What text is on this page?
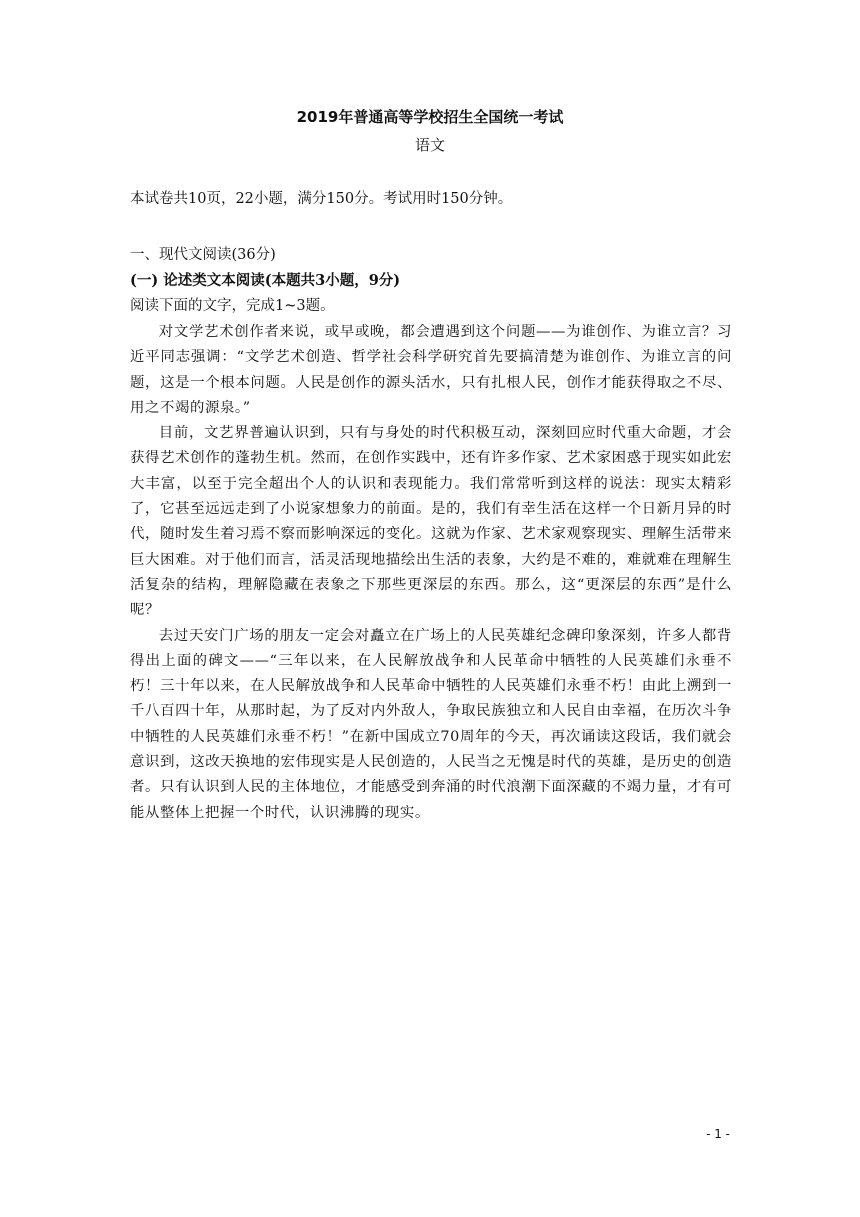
2019年普通高等学校招生全国统一考试
语文
本试卷共10页，22小题，满分150分。考试用时150分钟。
一、现代文阅读(36分)
(一) 论述类文本阅读(本题共3小题，9分)
阅读下面的文字，完成1~3题。

对文学艺术创作者来说，或早或晚，都会遭遇到这个问题——为谁创作、为谁立言？习近平同志强调：“文学艺术创造、哲学社会科学研究首先要搞清楚为谁创作、为谁立言的问题，这是一个根本问题。人民是创作的源头活水，只有扎根人民，创作才能获得取之不尽、用之不竭的源泉。”

目前，文艺界普遍认识到，只有与身处的时代积极互动，深刻回应时代重大命题，才会获得艺术创作的蓬勃生机。然而，在创作实践中，还有许多作家、艺术家困惑于现实如此宏大丰富，以至于完全超出个人的认识和表现能力。我们常常听到这样的说法：现实太精彩了，它甚至远远走到了小说家想象力的前面。是的，我们有幸生活在这样一个日新月异的时代，随时发生着习焉不察而影响深远的变化。这就为作家、艺术家观察现实、理解生活带来巨大困难。对于他们而言，活灵活现地描绘出生活的表象，大约是不难的，难就难在理解生活复杂的结构，理解隐藏在表象之下那些更深层的东西。那么，这“更深层的东西”是什么呢？

去过天安门广场的朋友一定会对矗立在广场上的人民英雄纪念碑印象深刻，许多人都背得出上面的碑文——“三年以来，在人民解放战争和人民革命中牺牲的人民英雄们永垂不朽！三十年以来，在人民解放战争和人民革命中牺牲的人民英雄们永垂不朽！由此上溯到一千八百四十年，从那时起，为了反对内外敌人，争取民族独立和人民自由幸福，在历次斗争中牺牲的人民英雄们永垂不朽！”在新中国成立70周年的今天，再次诵读这段话，我们就会意识到，这改天换地的宏伟现实是人民创造的，人民当之无愧是时代的英雄，是历史的创造者。只有认识到人民的主体地位，才能感受到奔涌的时代浪潮下面深藏的不竭力量，才有可能从整体上把握一个时代，认识沸腾的现实。

- 1 -
